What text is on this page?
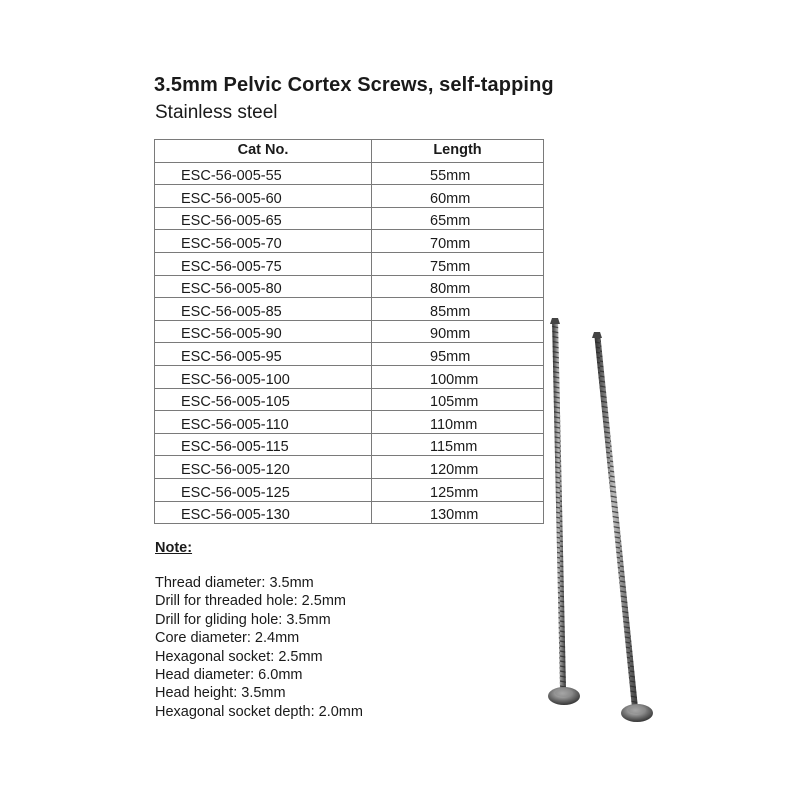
3.5mm Pelvic Cortex Screws, self-tapping
Stainless steel
Cat No.	Length
ESC-56-005-55	55mm
ESC-56-005-60	60mm
ESC-56-005-65	65mm
ESC-56-005-70	70mm
ESC-56-005-75	75mm
ESC-56-005-80	80mm
ESC-56-005-85	85mm
ESC-56-005-90	90mm
ESC-56-005-95	95mm
ESC-56-005-100	100mm
ESC-56-005-105	105mm
ESC-56-005-110	110mm
ESC-56-005-115	115mm
ESC-56-005-120	120mm
ESC-56-005-125	125mm
ESC-56-005-130	130mm
Note:
Thread diameter: 3.5mm
Drill for threaded hole: 2.5mm
Drill for gliding hole: 3.5mm
Core diameter: 2.4mm
Hexagonal socket: 2.5mm
Head diameter: 6.0mm
Head height: 3.5mm
Hexagonal socket depth: 2.0mm
